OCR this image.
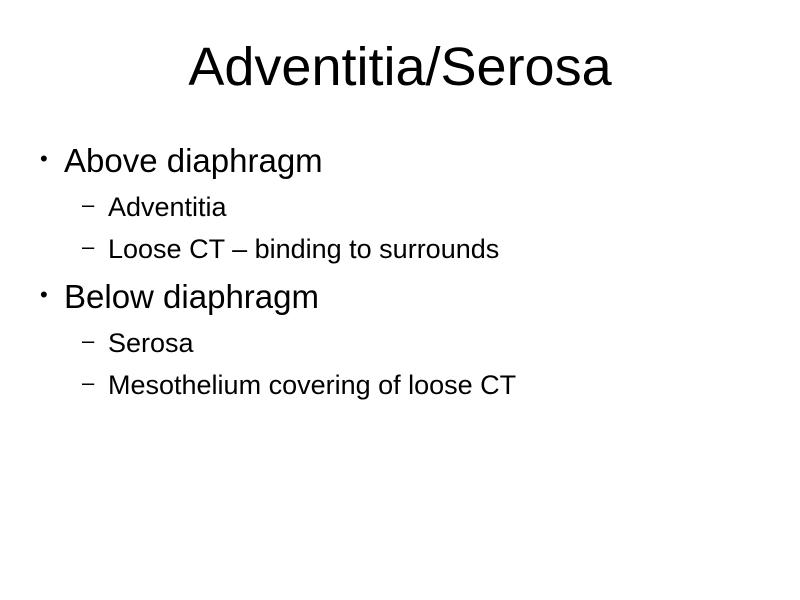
Adventitia/Serosa
• Above diaphragm
– Adventitia
– Loose CT – binding to surrounds
• Below diaphragm
– Serosa
– Mesothelium covering of loose CT
